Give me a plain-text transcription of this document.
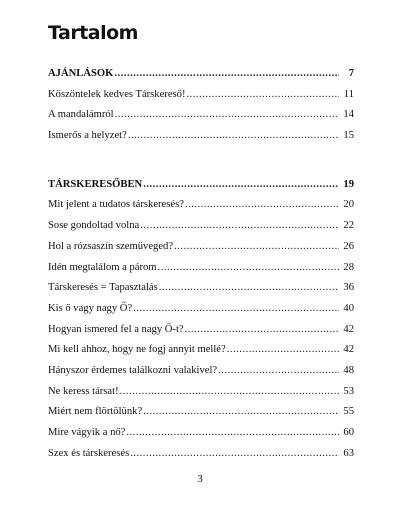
Tartalom
AJÁNLÁSOK .....	7
Köszöntelek kedves Társkereső! .....	11
A mandalámról .....	14
Ismerős a helyzet? .....	15
TÁRSKERESŐBEN .....	19
Mit jelent a tudatos társkeresés? .....	20
Sose gondoltad volna .....	22
Hol a rózsaszín szemüveged? .....	26
Idén megtalálom a párom .....	28
Társkeresés = Tapasztalás .....	36
Kis ő vagy nagy Ő? .....	40
Hogyan ismered fel a nagy Ő-t? .....	42
Mi kell ahhoz, hogy ne fogj annyit mellé? .....	42
Hányszor érdemes találkozni valakivel? .....	48
Ne keress társat! .....	53
Miért nem flörtölünk? .....	55
Mire vágyik a nő? .....	60
Szex és társkeresés .....	63
3
